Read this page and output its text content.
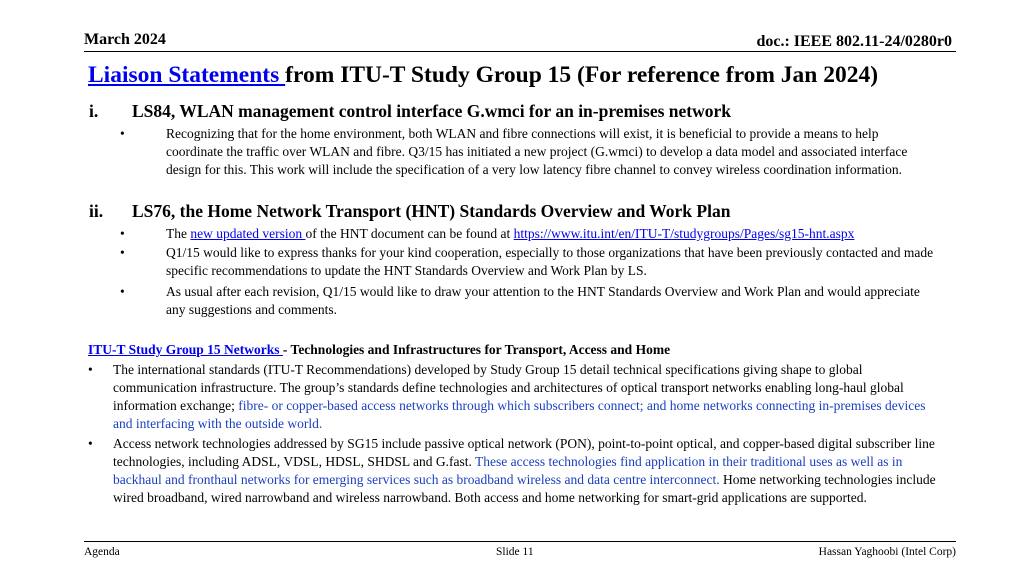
March 2024	doc.: IEEE 802.11-24/0280r0
Liaison Statements from ITU-T Study Group 15 (For reference from Jan 2024)
i. LS84, WLAN management control interface G.wmci for an in-premises network
•	Recognizing that for the home environment, both WLAN and fibre connections will exist, it is beneficial to provide a means to help coordinate the traffic over WLAN and fibre. Q3/15 has initiated a new project (G.wmci) to develop a data model and associated interface design for this. This work will include the specification of a very low latency fibre channel to convey wireless coordination information.
ii. LS76, the Home Network Transport (HNT) Standards Overview and Work Plan
•	The new updated version of the HNT document can be found at https://www.itu.int/en/ITU-T/studygroups/Pages/sg15-hnt.aspx
•	Q1/15 would like to express thanks for your kind cooperation, especially to those organizations that have been previously contacted and made specific recommendations to update the HNT Standards Overview and Work Plan by LS.
•	As usual after each revision, Q1/15 would like to draw your attention to the HNT Standards Overview and Work Plan and would appreciate any suggestions and comments.
ITU-T Study Group 15 Networks - Technologies and Infrastructures for Transport, Access and Home
• The international standards (ITU-T Recommendations) developed by Study Group 15 detail technical specifications giving shape to global communication infrastructure. The group’s standards define technologies and architectures of optical transport networks enabling long-haul global information exchange; fibre- or copper-based access networks through which subscribers connect; and home networks connecting in-premises devices and interfacing with the outside world.
• Access network technologies addressed by SG15 include passive optical network (PON), point-to-point optical, and copper-based digital subscriber line technologies, including ADSL, VDSL, HDSL, SHDSL and G.fast. These access technologies find application in their traditional uses as well as in backhaul and fronthaul networks for emerging services such as broadband wireless and data centre interconnect. Home networking technologies include wired broadband, wired narrowband and wireless narrowband. Both access and home networking for smart-grid applications are supported.
Agenda	Slide 11	Hassan Yaghoobi (Intel Corp)
